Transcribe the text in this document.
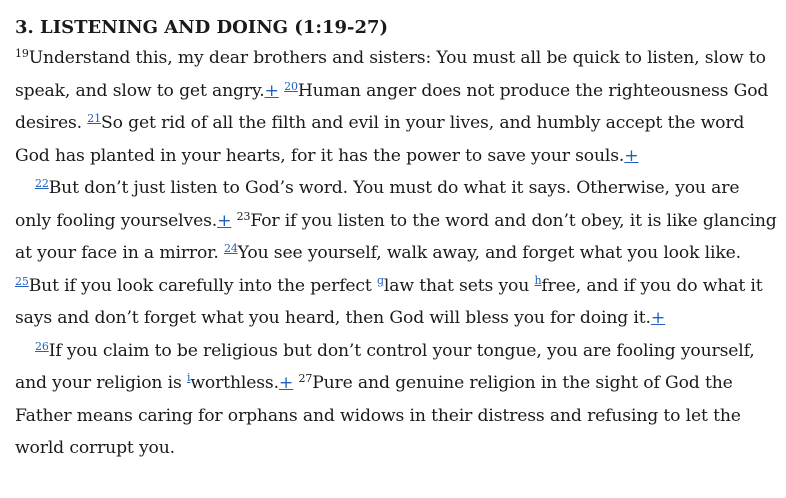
3. LISTENING AND DOING (1:19-27)

$^{19}$Understand this, my dear brothers and sisters: You must all be quick to listen, slow to speak, and slow to get angry.+ $^{20}$Human anger does not produce the righteousness God desires. $^{21}$So get rid of all the filth and evil in your lives, and humbly accept the word God has planted in your hearts, for it has the power to save your souls.+

$^{22}$But don’t just listen to God’s word. You must do what it says. Otherwise, you are only fooling yourselves.+ $^{23}$For if you listen to the word and don’t obey, it is like glancing at your face in a mirror. $^{24}$You see yourself, walk away, and forget what you look like. $^{25}$But if you look carefully into the perfect $^g$law that sets you $^h$free, and if you do what it says and don’t forget what you heard, then God will bless you for doing it.+

$^{26}$If you claim to be religious but don’t control your tongue, you are fooling yourself, and your religion is $^i$worthless.+ $^{27}$Pure and genuine religion in the sight of God the Father means caring for orphans and widows in their distress and refusing to let the world corrupt you.
